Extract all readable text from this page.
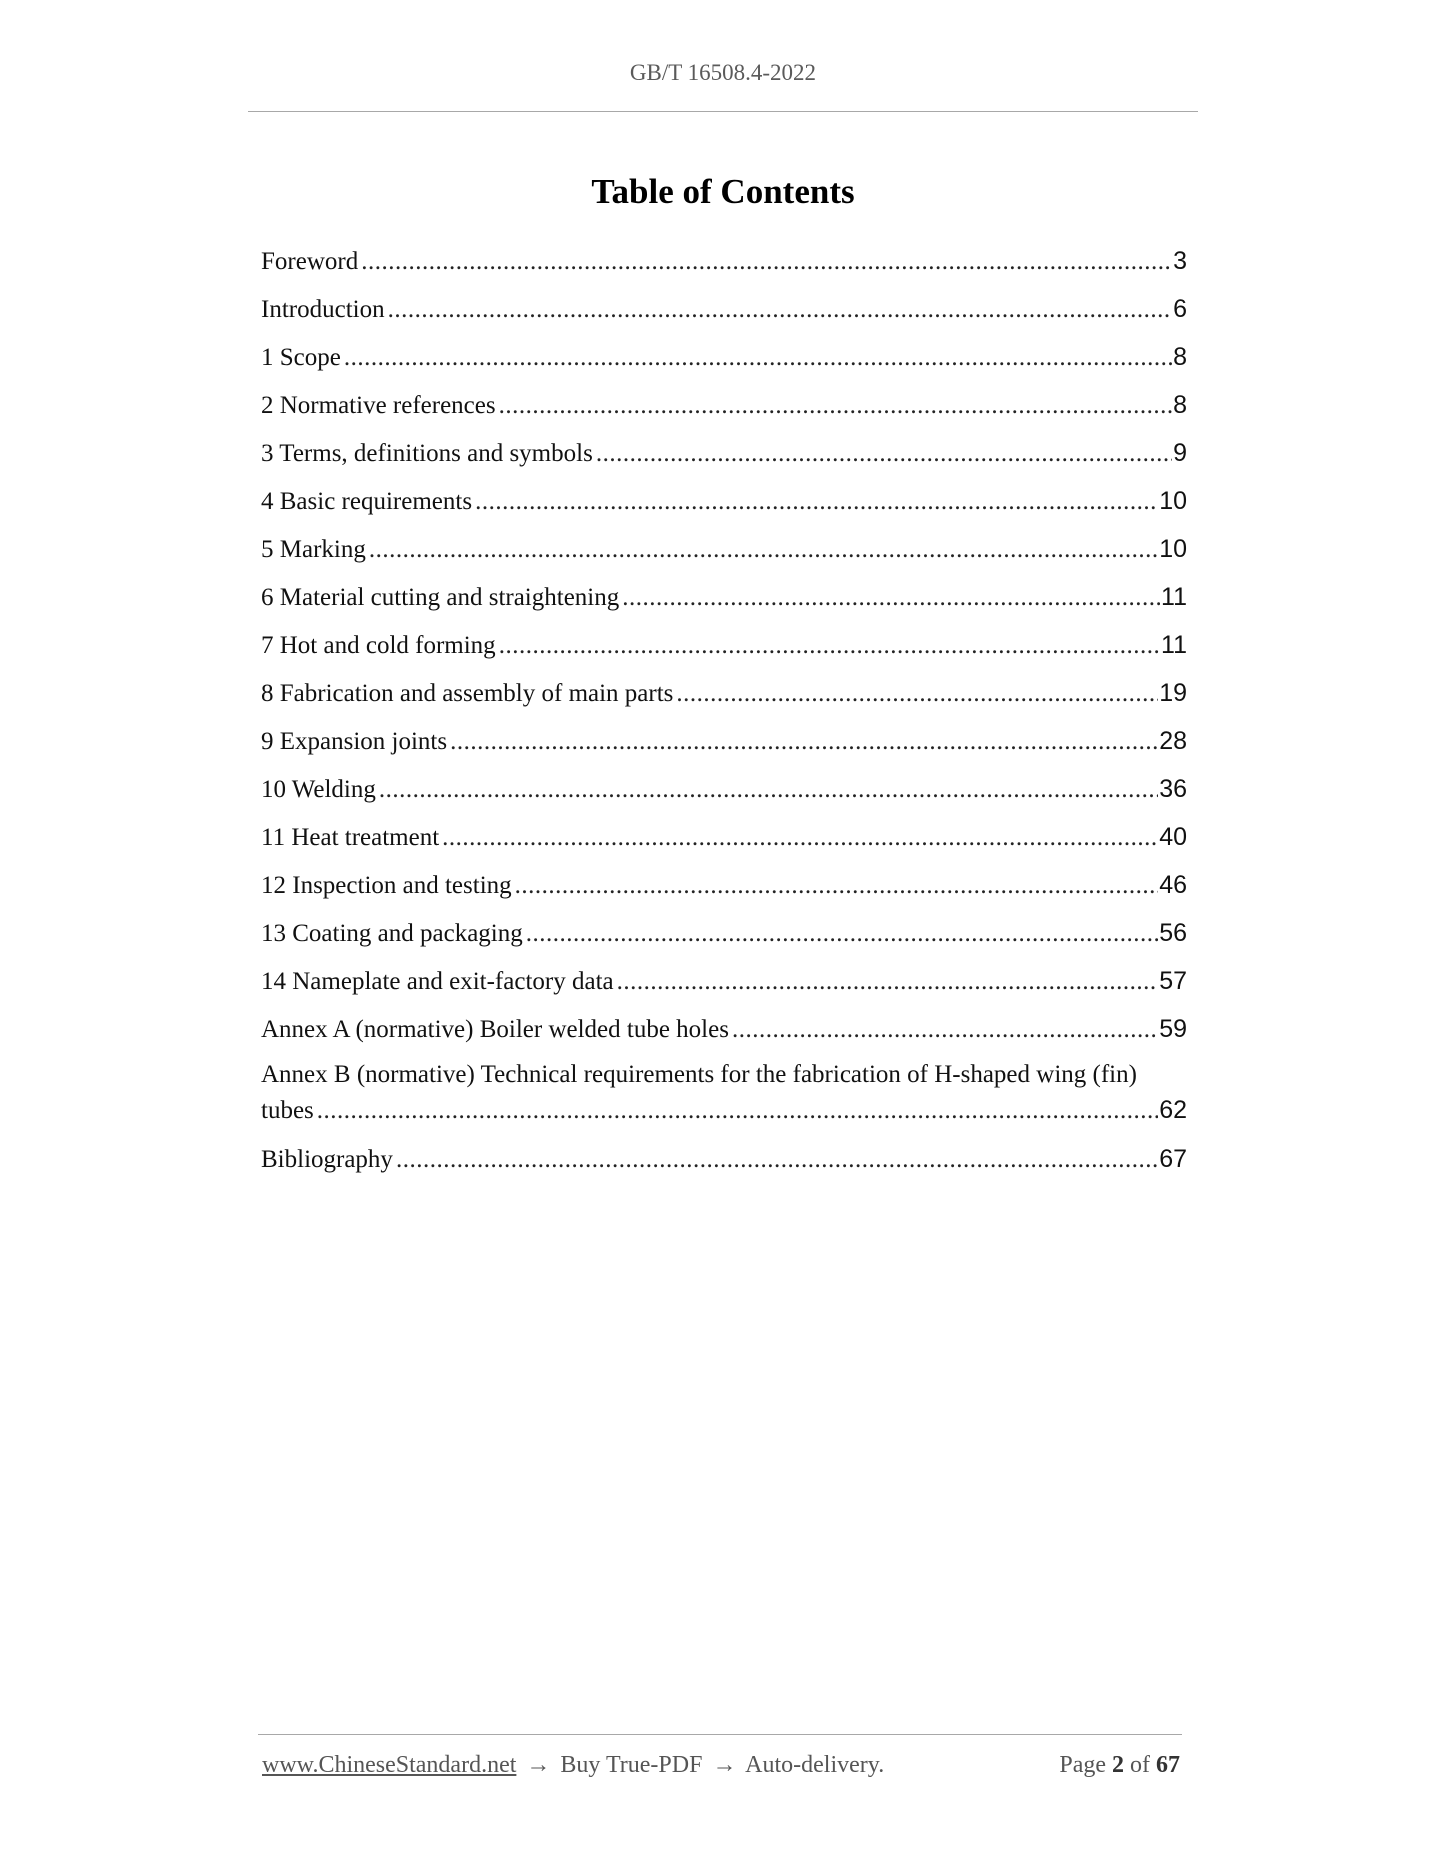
GB/T 16508.4-2022
Table of Contents
Foreword .....	3
Introduction .....	6
1 Scope .....	8
2 Normative references .....	8
3 Terms, definitions and symbols .....	9
4 Basic requirements .....	10
5 Marking .....	10
6 Material cutting and straightening .....	11
7 Hot and cold forming .....	11
8 Fabrication and assembly of main parts .....	19
9 Expansion joints .....	28
10 Welding .....	36
11 Heat treatment .....	40
12 Inspection and testing .....	46
13 Coating and packaging .....	56
14 Nameplate and exit-factory data .....	57
Annex A (normative) Boiler welded tube holes .....	59
Annex B (normative) Technical requirements for the fabrication of H-shaped wing (fin)
tubes .....	62
Bibliography .....	67
www.ChineseStandard.net → Buy True-PDF → Auto-delivery.	Page 2 of 67
